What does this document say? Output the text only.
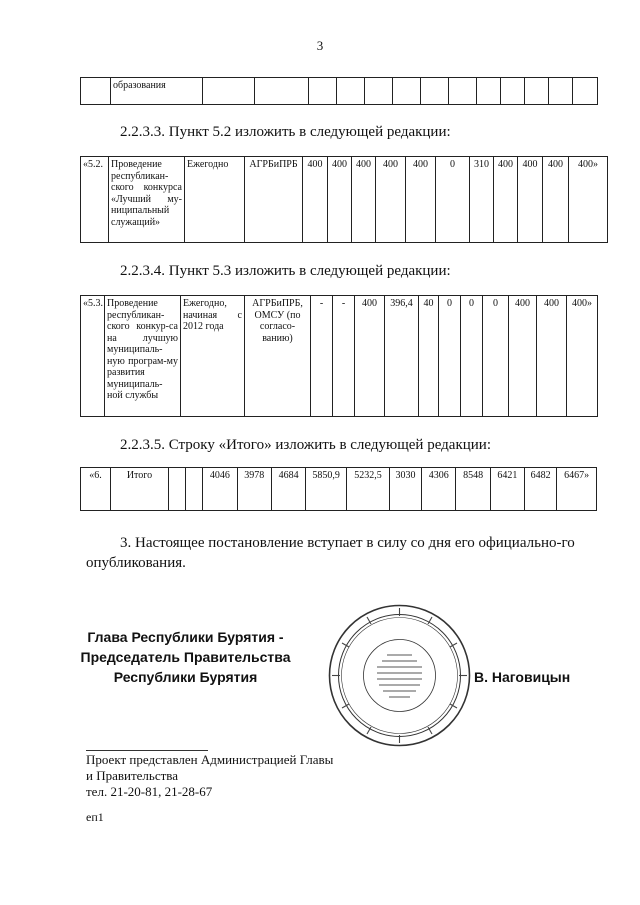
3
	образования													
2.2.3.3. Пункт 5.2 изложить в следующей редакции:
«5.2.	Проведение республикан-ского конкурса «Лучший му-ниципальный служащий»	Ежегодно	АГРБиПРБ	400	400	400	400	400	0	310	400	400	400	400»
2.2.3.4. Пункт 5.3 изложить в следующей редакции:
«5.3.	Проведение республикан-ского конкур-са на лучшую муниципаль-ную програм-му развития муниципаль-ной службы	Ежегодно, начиная с 2012 года	АГРБиПРБ, ОМСУ (по согласо-ванию)	-	-	400	396,4	40	0	0	0	400	400	400»
2.2.3.5. Строку «Итого» изложить в следующей редакции:
«6.	Итого			4046	3978	4684	5850,9	5232,5	3030	4306	8548	6421	6482	6467»
3. Настоящее постановление вступает в силу со дня его официально-го опубликования.
Глава Республики Бурятия -
Председатель Правительства
Республики Бурятия	В. Наговицын
Проект представлен Администрацией Главы
и Правительства
тел. 21-20-81, 21-28-67
еп1
